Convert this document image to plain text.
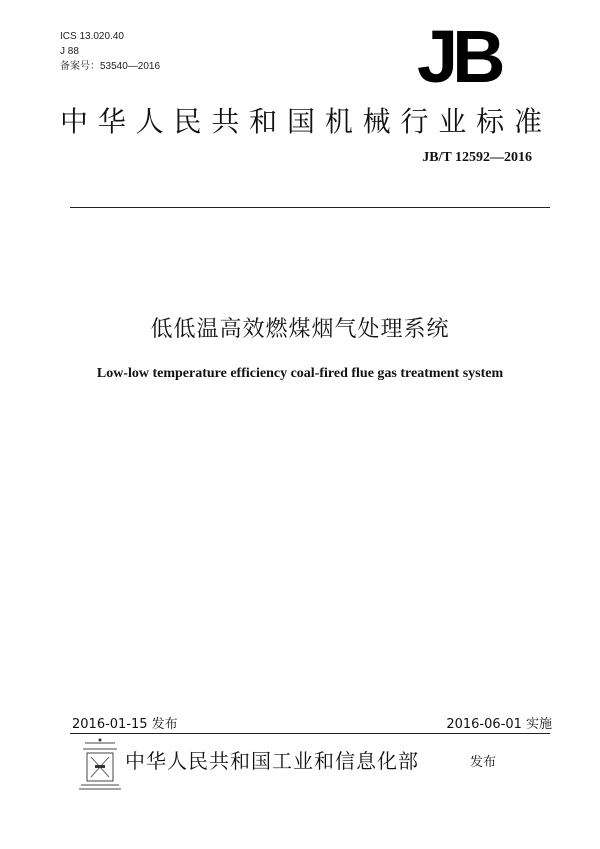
ICS 13.020.40
J 88
备案号：53540—2016	JB
中华人民共和国机械行业标准
JB/T 12592—2016
低低温高效燃煤烟气处理系统
Low-low temperature efficiency coal-fired flue gas treatment system
2016-01-15 发布	2016-06-01 实施
中华人民共和国工业和信息化部	发布
